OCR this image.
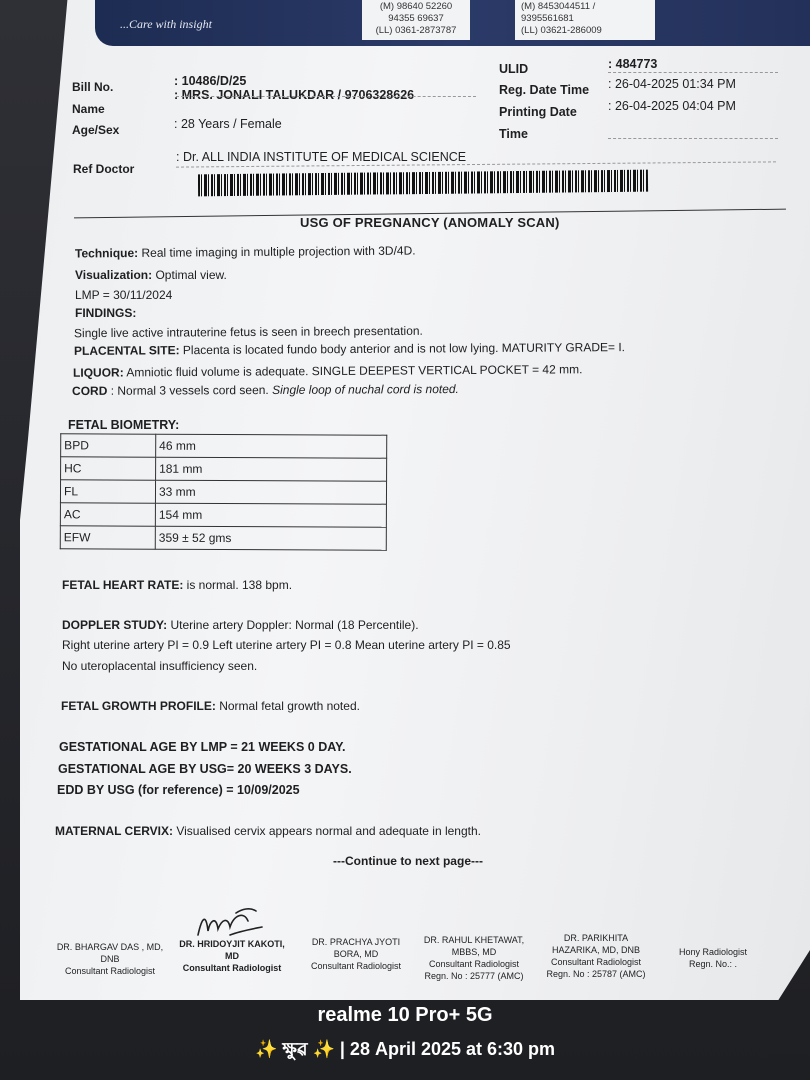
...Care with insight
(M) 98640 52260
94355 69637
(LL) 0361-2873787
(M) 8453044511 / 9395561681
(LL) 03621-286009
Bill No.	: 10486/D/25
Name
: MRS. JONALI TALUKDAR / 9706328626
Age/Sex	: 28 Years / Female
Ref Doctor
: Dr. ALL INDIA INSTITUTE OF MEDICAL SCIENCE
ULID	: 484773
Reg. Date Time : 26-04-2025 01:34 PM
Printing Date : 26-04-2025 04:04 PM
Time
USG OF PREGNANCY (ANOMALY SCAN)
Technique: Real time imaging in multiple projection with 3D/4D.
Visualization: Optimal view.
LMP = 30/11/2024
FINDINGS:
Single live active intrauterine fetus is seen in breech presentation.
PLACENTAL SITE: Placenta is located fundo body anterior and is not low lying. MATURITY GRADE= I.
LIQUOR: Amniotic fluid volume is adequate. SINGLE DEEPEST VERTICAL POCKET = 42 mm.
CORD : Normal 3 vessels cord seen. Single loop of nuchal cord is noted.
FETAL BIOMETRY:
BPD	46 mm
HC	181 mm
FL	33 mm
AC	154 mm
EFW	359 ± 52 gms
FETAL HEART RATE: is normal. 138 bpm.
DOPPLER STUDY: Uterine artery Doppler: Normal (18 Percentile).
Right uterine artery PI = 0.9 Left uterine artery PI = 0.8 Mean uterine artery PI = 0.85
No uteroplacental insufficiency seen.
FETAL GROWTH PROFILE: Normal fetal growth noted.
GESTATIONAL AGE BY LMP = 21 WEEKS 0 DAY.
GESTATIONAL AGE BY USG= 20 WEEKS 3 DAYS.
EDD BY USG (for reference) = 10/09/2025
MATERNAL CERVIX: Visualised cervix appears normal and adequate in length.
---Continue to next page---
DR. BHARGAV DAS , MD,
DNB
Consultant Radiologist
DR. HRIDOYJIT KAKOTI,
MD
Consultant Radiologist
DR. PRACHYA JYOTI
BORA, MD
Consultant Radiologist
DR. RAHUL KHETAWAT,
MBBS, MD
Consultant Radiologist
Regn. No : 25777 (AMC)
DR. PARIKHITA
HAZARIKA, MD, DNB
Consultant Radiologist
Regn. No : 25787 (AMC)
Hony Radiologist
Regn. No.: .
realme 10 Pro+ 5G
✨ ক্ষুৱ ✨ | 28 April 2025 at 6:30 pm
